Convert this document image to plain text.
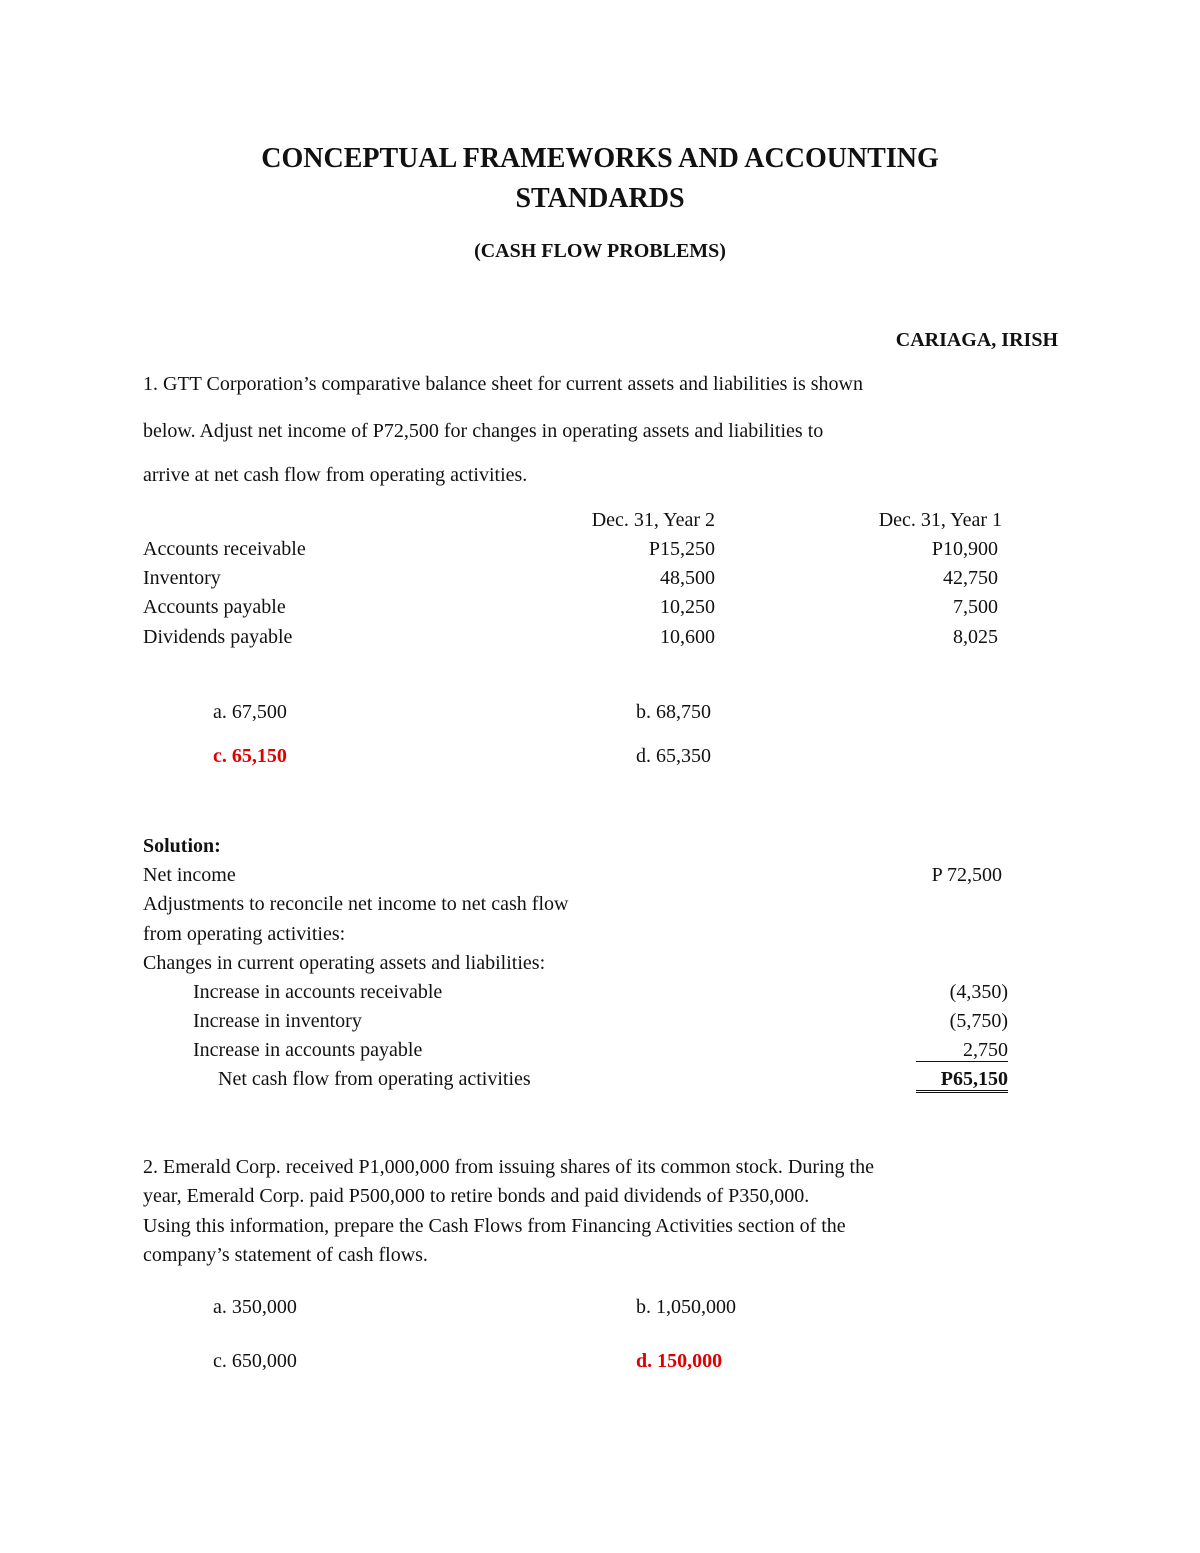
CONCEPTUAL FRAMEWORKS AND ACCOUNTING
STANDARDS
(CASH FLOW PROBLEMS)
CARIAGA, IRISH
1. GTT Corporation’s comparative balance sheet for current assets and liabilities is shown
below. Adjust net income of P72,500 for changes in operating assets and liabilities to
arrive at net cash flow from operating activities.
Dec. 31, Year 2	Dec. 31, Year 1
Accounts receivable	P15,250	P10,900
Inventory	48,500	42,750
Accounts payable	10,250	7,500
Dividends payable	10,600	8,025
a. 67,500	b. 68,750
c. 65,150	d. 65,350
Solution:
Net income	P 72,500
Adjustments to reconcile net income to net cash flow
from operating activities:
Changes in current operating assets and liabilities:
Increase in accounts receivable	(4,350)
Increase in inventory	(5,750)
Increase in accounts payable	2,750
Net cash flow from operating activities	P65,150
2. Emerald Corp. received P1,000,000 from issuing shares of its common stock. During the
year, Emerald Corp. paid P500,000 to retire bonds and paid dividends of P350,000.
Using this information, prepare the Cash Flows from Financing Activities section of the
company’s statement of cash flows.
a. 350,000	b. 1,050,000
c. 650,000	d. 150,000
